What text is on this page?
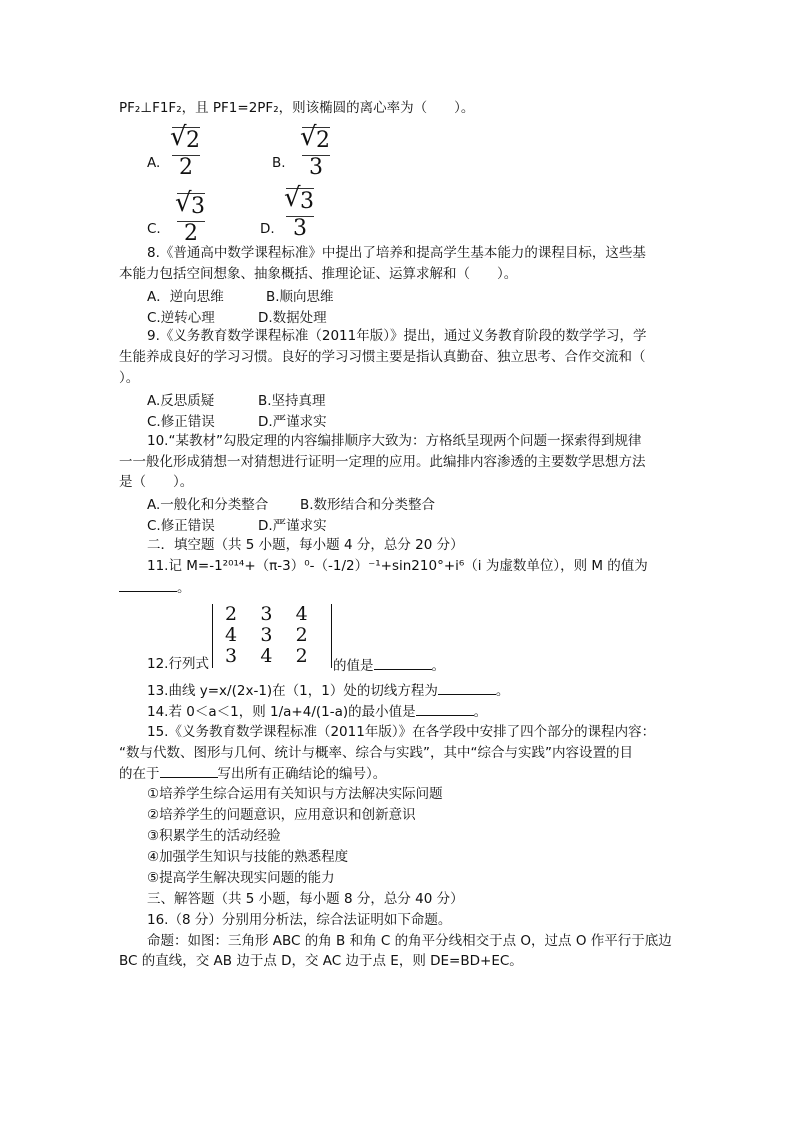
PF₂⊥F1F₂，且 PF1=2PF₂，则该椭圆的离心率为（　　）。
A.
√ 2
2	B.
√ 2
3
C.
√ 3
2	D.
√ 3
3
8.《普通高中数学课程标准》中提出了培养和提高学生基本能力的课程目标，这些基
本能力包括空间想象、抽象概括、推理论证、运算求解和（　　）。
A．逆向思维	B.顺向思维
C.逆转心理	D.数据处理
9.《义务教育数学课程标准（2011年版）》提出，通过义务教育阶段的数学学习，学
生能养成良好的学习习惯。良好的学习习惯主要是指认真勤奋、独立思考、合作交流和（
）。
A.反思质疑	B.坚持真理
C.修正错误	D.严谨求实
10.“某教材”勾股定理的内容编排顺序大致为：方格纸呈现两个问题一探索得到规律
一一般化形成猜想一对猜想进行证明一定理的应用。此编排内容渗透的主要数学思想方法
是（　　）。
A.一般化和分类整合 B.数形结合和分类整合
C.修正错误	D.严谨求实
二．填空题（共 5 小题，每小题 4 分，总分 20 分）
11.记 M=-1²⁰¹⁴+（π-3）⁰-（-1/2）⁻¹+sin210°+i⁶（i 为虚数单位），则 M 的值为
。
12.行列式
2	3	4
4	3	2
3	4	2 的值是	。
13.曲线 y=x/(2x-1)在（1，1）处的切线方程为	。
14.若 0＜a＜1，则 1/a+4/(1-a)的最小值是	。
15.《义务教育数学课程标准（2011年版）》在各学段中安排了四个部分的课程内容：
“数与代数、图形与几何、统计与概率、综合与实践”，其中“综合与实践”内容设置的目
的在于	写出所有正确结论的编号）。
①培养学生综合运用有关知识与方法解决实际问题
②培养学生的问题意识，应用意识和创新意识
③积累学生的活动经验
④加强学生知识与技能的熟悉程度
⑤提高学生解决现实问题的能力
三、解答题（共 5 小题，每小题 8 分，总分 40 分）
16.（8 分）分别用分析法，综合法证明如下命题。
命题：如图：三角形 ABC 的角 B 和角 C 的角平分线相交于点 O，过点 O 作平行于底边
BC 的直线，交 AB 边于点 D，交 AC 边于点 E，则 DE=BD+EC。
